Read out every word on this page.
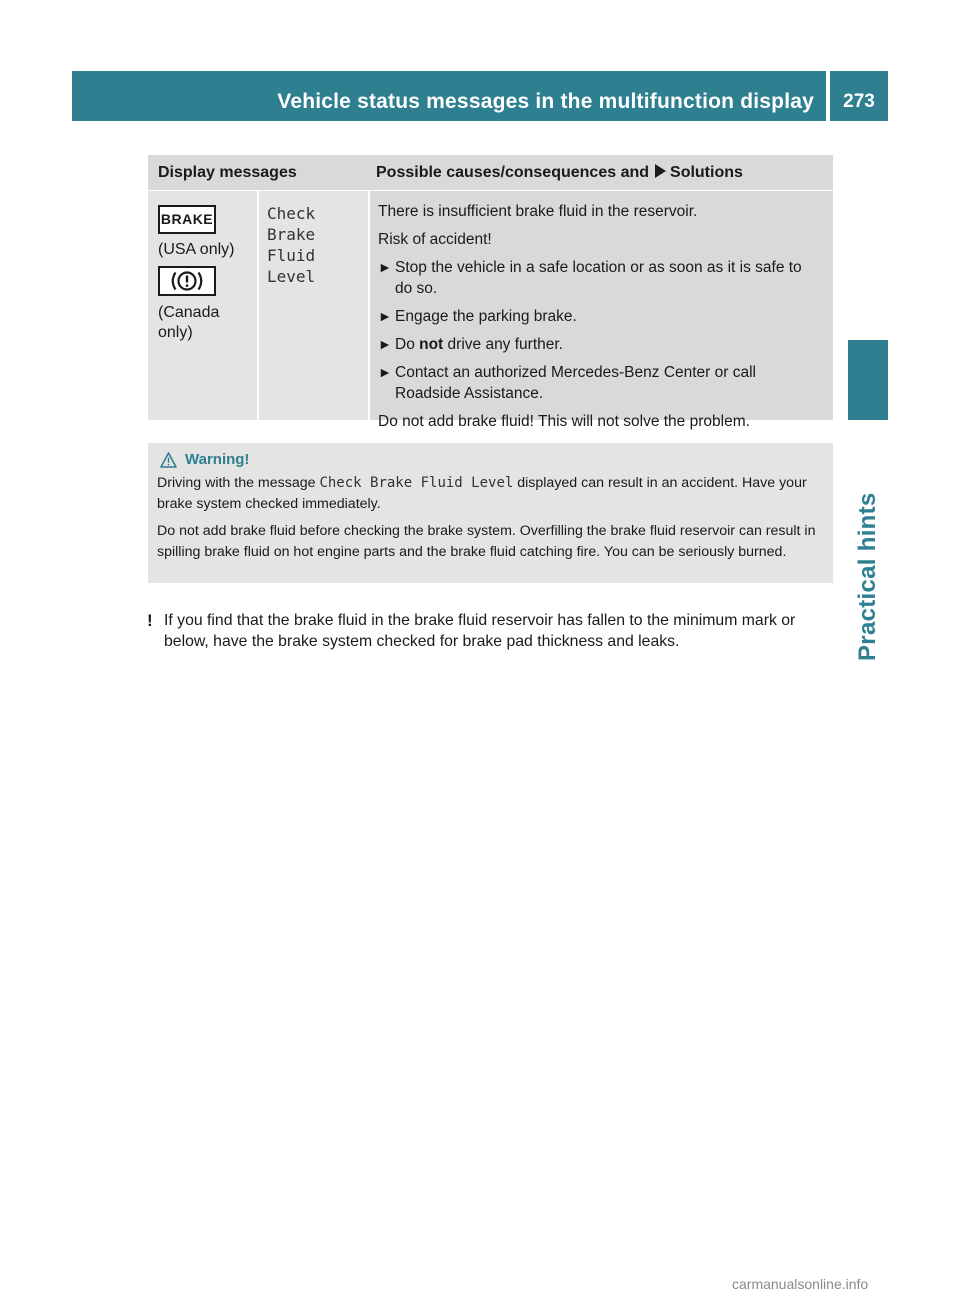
Vehicle status messages in the multifunction display	273
Practical hints
Display messages	Possible causes/consequences and Solutions
BRAKE
(USA only)
(Canada
only)
Check
Brake
Fluid
Level

There is insufficient brake fluid in the reservoir.

Risk of accident!

► Stop the vehicle in a safe location or as soon as it is safe to do so.
► Engage the parking brake.
► Do not drive any further.
► Contact an authorized Mercedes-Benz Center or call Roadside Assistance.

Do not add brake fluid! This will not solve the problem.

Warning!

Driving with the message Check Brake Fluid Level displayed can result in an accident. Have your brake system checked immediately.

Do not add brake fluid before checking the brake system. Overfilling the brake fluid reservoir can result in spilling brake fluid on hot engine parts and the brake fluid catching fire. You can be seriously burned.

! If you find that the brake fluid in the brake fluid reservoir has fallen to the minimum mark or below, have the brake system checked for brake pad thickness and leaks.
carmanualsonline.info
